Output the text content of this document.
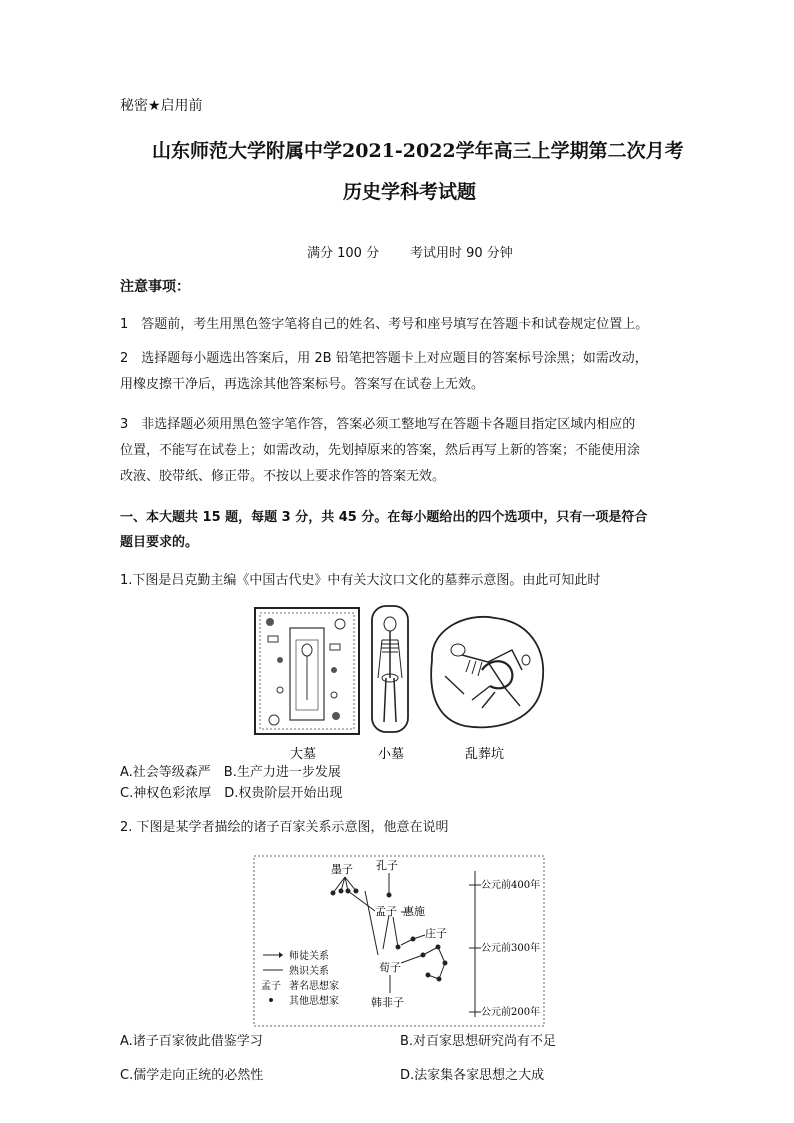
秘密★启用前
山东师范大学附属中学2021-2022学年高三上学期第二次月考
历史学科考试题
满分 100 分 考试用时 90 分钟
注意事项：
1　答题前，考生用黑色签字笔将自己的姓名、考号和座号填写在答题卡和试卷规定位置上。
2　选择题每小题选出答案后，用 2B 铅笔把答题卡上对应题目的答案标号涂黑；如需改动，
用橡皮擦干净后，再选涂其他答案标号。答案写在试卷上无效。
3　非选择题必须用黑色签字笔作答，答案必须工整地写在答题卡各题目指定区域内相应的
位置，不能写在试卷上；如需改动，先划掉原来的答案，然后再写上新的答案；不能使用涂
改液、胶带纸、修正带。不按以上要求作答的答案无效。
一、本大题共 15 题，每题 3 分，共 45 分。在每小题给出的四个选项中，只有一项是符合
题目要求的。
1.下图是吕克勤主编《中国古代史》中有关大汶口文化的墓葬示意图。由此可知此时
大墓	小墓	乱葬坑
A.社会等级森严　B.生产力进一步发展
C.神权色彩浓厚　D.权贵阶层开始出现
2. 下图是某学者描绘的诸子百家关系示意图，他意在说明
墨子 孔子
孟子 惠施
庄子
荀子
韩非子
师徒关系
熟识关系
孟子 著名思想家
其他思想家
公元前400年
公元前300年
公元前200年
A.诸子百家彼此借鉴学习	B.对百家思想研究尚有不足
C.儒学走向正统的必然性	D.法家集各家思想之大成
